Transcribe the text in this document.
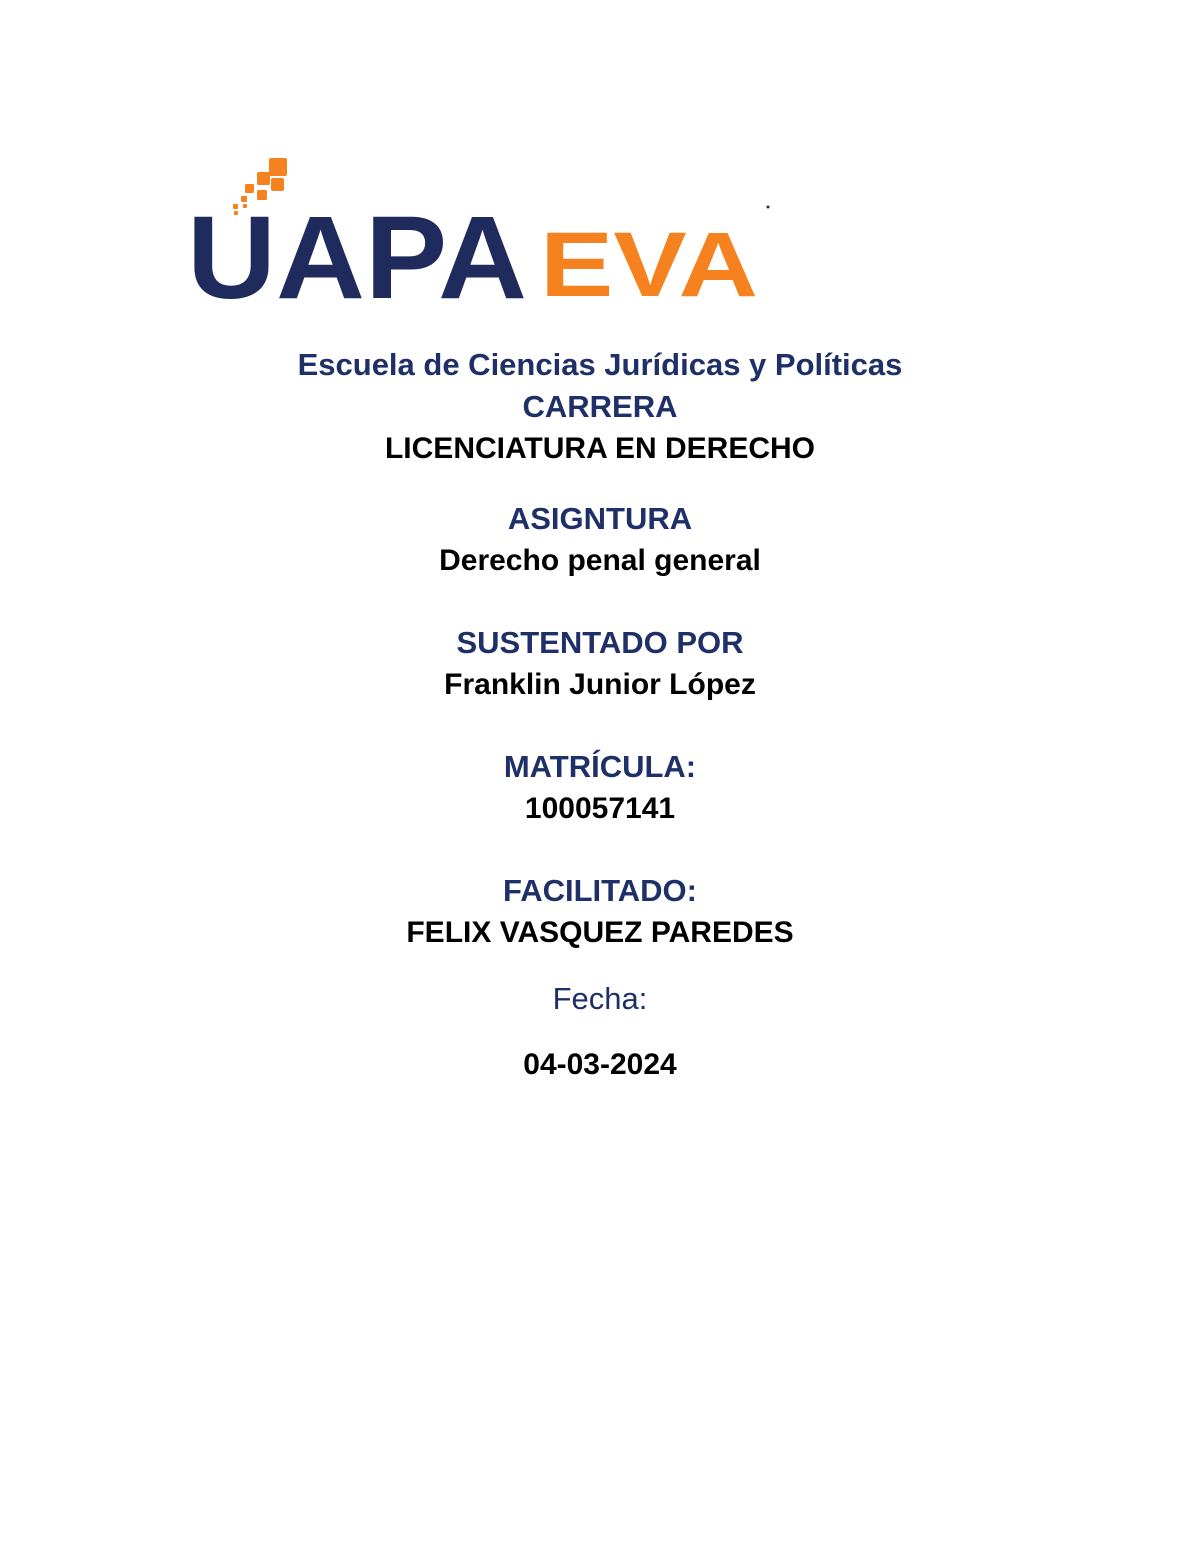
UAPA EVA

Escuela de Ciencias Jurídicas y Políticas

CARRERA

LICENCIATURA EN DERECHO

ASIGNTURA

Derecho penal general

SUSTENTADO POR

Franklin Junior López

MATRÍCULA:

100057141

FACILITADO:

FELIX VASQUEZ PAREDES

Fecha:

04-03-2024
